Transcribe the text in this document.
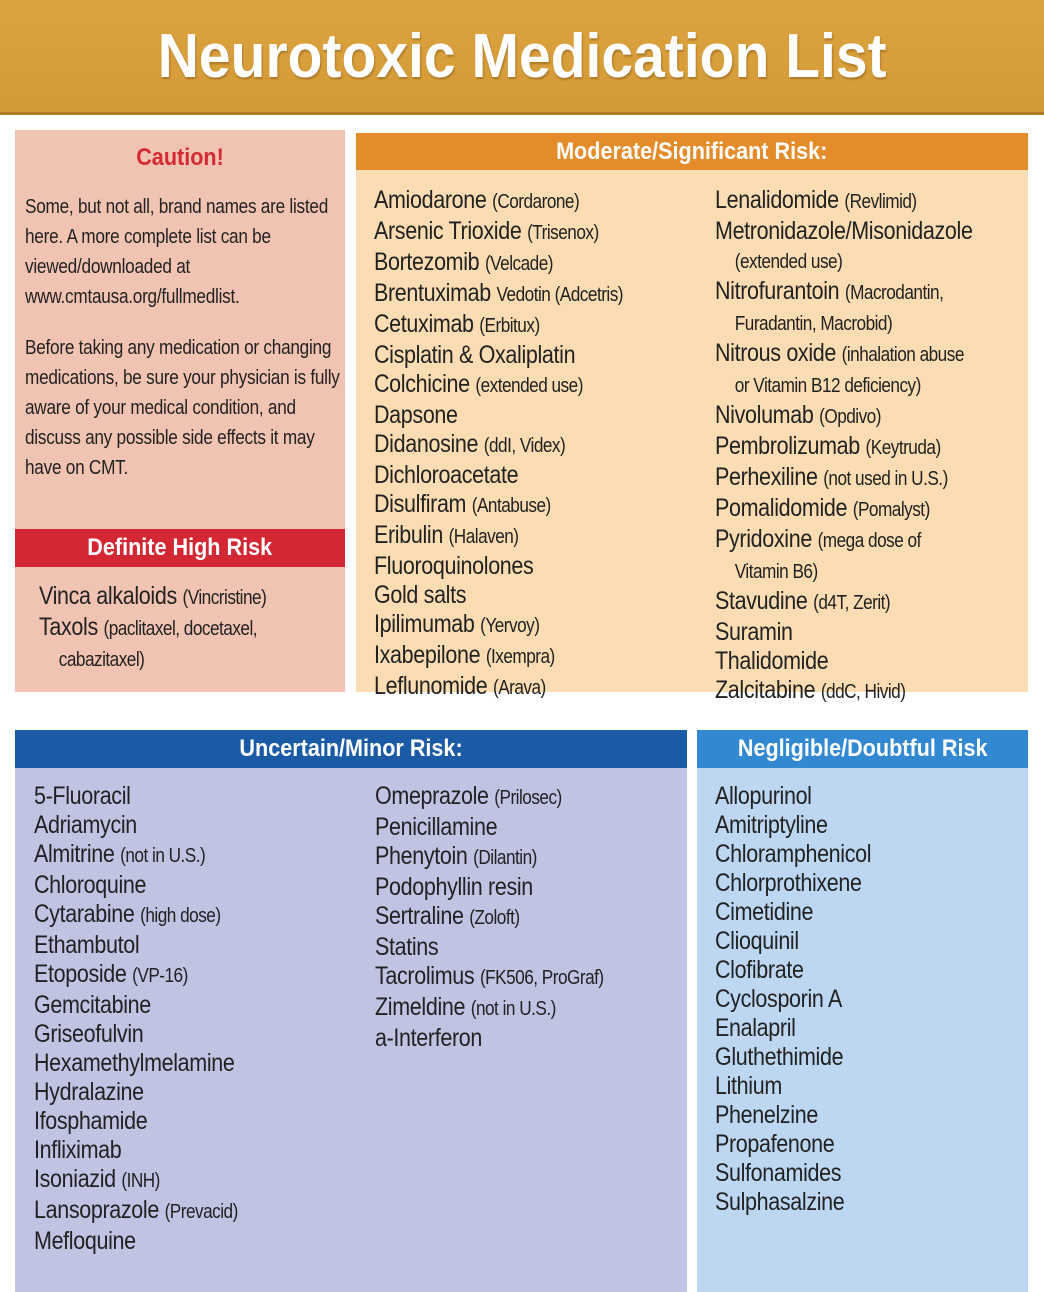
Neurotoxic Medication List
Caution!

Some, but not all, brand names are listed here. A more complete list can be viewed/downloaded at www.cmtausa.org/fullmedlist.

Before taking any medication or changing medications, be sure your physician is fully aware of your medical condition, and discuss any possible side effects it may have on CMT.

Definite High Risk
Vinca alkaloids (Vincristine)
Taxols (paclitaxel, docetaxel,
cabazitaxel)
Moderate/Significant Risk:
Amiodarone (Cordarone)
Arsenic Trioxide (Trisenox)
Bortezomib (Velcade)
Brentuximab Vedotin (Adcetris)
Cetuximab (Erbitux)
Cisplatin & Oxaliplatin
Colchicine (extended use)
Dapsone
Didanosine (ddI, Videx)
Dichloroacetate
Disulfiram (Antabuse)
Eribulin (Halaven)
Fluoroquinolones
Gold salts
Ipilimumab (Yervoy)
Ixabepilone (Ixempra)
Leflunomide (Arava)
Lenalidomide (Revlimid)
Metronidazole/Misonidazole
(extended use)
Nitrofurantoin (Macrodantin,
Furadantin, Macrobid)
Nitrous oxide (inhalation abuse
or Vitamin B12 deficiency)
Nivolumab (Opdivo)
Pembrolizumab (Keytruda)
Perhexiline (not used in U.S.)
Pomalidomide (Pomalyst)
Pyridoxine (mega dose of
Vitamin B6)
Stavudine (d4T, Zerit)
Suramin
Thalidomide
Zalcitabine (ddC, Hivid)
Uncertain/Minor Risk:
5-Fluoracil
Adriamycin
Almitrine (not in U.S.)
Chloroquine
Cytarabine (high dose)
Ethambutol
Etoposide (VP-16)
Gemcitabine
Griseofulvin
Hexamethylmelamine
Hydralazine
Ifosphamide
Infliximab
Isoniazid (INH)
Lansoprazole (Prevacid)
Mefloquine
Omeprazole (Prilosec)
Penicillamine
Phenytoin (Dilantin)
Podophyllin resin
Sertraline (Zoloft)
Statins
Tacrolimus (FK506, ProGraf)
Zimeldine (not in U.S.)
a-Interferon
Negligible/Doubtful Risk
Allopurinol
Amitriptyline
Chloramphenicol
Chlorprothixene
Cimetidine
Clioquinil
Clofibrate
Cyclosporin A
Enalapril
Gluthethimide
Lithium
Phenelzine
Propafenone
Sulfonamides
Sulphasalzine
